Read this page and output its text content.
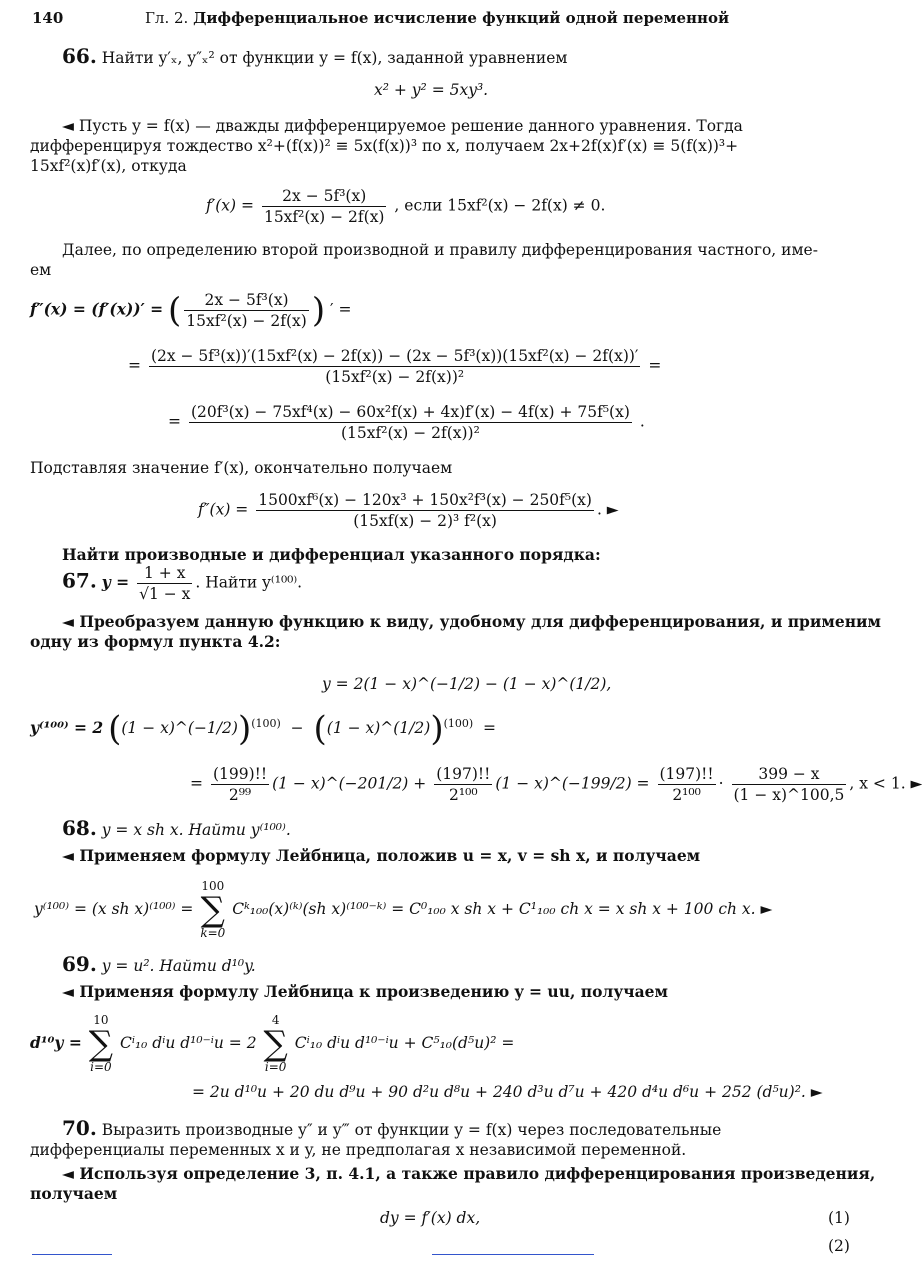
140	Гл. 2. Дифференциальное исчисление функций одной переменной
66. Найти y′ₓ, y″ₓ² от функции y = f(x), заданной уравнением
x² + y² = 5xy³.
◄ Пусть y = f(x) — дважды дифференцируемое решение данного уравнения. Тогда
дифференцируя тождество x²+(f(x))² ≡ 5x(f(x))³ по x, получаем 2x+2f(x)f′(x) ≡ 5(f(x))³+
15xf²(x)f′(x), откуда
$f'(x) = \frac{\text{2x − 5f³(x)}}{\text{15xf²(x) − 2f(x)}}$ , если 15xf²(x) − 2f(x) ≠ 0.
Далее, по определению второй производной и правилу дифференцирования частного, име-
ем
f″(x) = (f′(x))′ = ( $\frac{\text{2x − 5f³(x)}}{\text{15xf²(x) − 2f(x)}}$ ) ′ =
=
(2x − 5f³(x))′(15xf²(x) − 2f(x)) − (2x − 5f³(x))(15xf²(x) − 2f(x))′
(15xf²(x) − 2f(x))²
=
= $\frac{\text{(20f³(x) − 75xf⁴(x) − 60x²f(x) + 4x)f′(x) − 4f(x) + 75f⁵(x)}}{\text{(15xf²(x) − 2f(x))²}}$ .
Подставляя значение f′(x), окончательно получаем
$f''(x) = \frac{\text{1500xf⁶(x) − 120x³ + 150x²f³(x) − 250f⁵(x)}}{\text{(15xf(x) − 2)³ f²(x)}}$ . ►
Найти производные и дифференциал указанного порядка:
67. $y = \frac{1 + x}{√1 - x}$ . Найти y⁽¹⁰⁰⁾.
◄ Преобразуем данную функцию к виду, удобному для дифференцирования, и применим
одну из формул пункта 4.2:
y = 2(1 − x)^(−1/2) − (1 − x)^(1/2),
y⁽¹⁰⁰⁾ = 2 ((1 − x)^(−1/2))$^{(100)}$  −  ((1 − x)^(1/2))$^{(100)}$  =
= $\frac{(199)!!}{\text{2⁹⁹}} (1$ − x)^(−201/2) + $\frac{(197)!!}{\text{2¹⁰⁰}} (1$ − x)^(−199/2) = $\frac{(197)!!}{\text{2¹⁰⁰}} \cdot \frac{399 - x}{(1 - x)\^{}100,5}$ , x < 1. ►
68. y = x sh x. Найти y⁽¹⁰⁰⁾.
◄ Применяем формулу Лейбница, положив u = x, v = sh x, и получаем
y⁽¹⁰⁰⁾ = (x sh x)⁽¹⁰⁰⁾ = 100
∑
k=0 Cᵏ₁₀₀(x)⁽ᵏ⁾(sh x)⁽¹⁰⁰⁻ᵏ⁾ = C⁰₁₀₀ x sh x + C¹₁₀₀ ch x = x sh x + 100 ch x. ►
69. y = u². Найти d¹⁰y.
◄ Применяя формулу Лейбница к произведению y = uu, получаем
d¹⁰y = 10
∑
i=0 Cⁱ₁₀ dⁱu d¹⁰⁻ⁱu = 2 4
∑
i=0 Cⁱ₁₀ dⁱu d¹⁰⁻ⁱu + C⁵₁₀(d⁵u)² =
= 2u d¹⁰u + 20 du d⁹u + 90 d²u d⁸u + 240 d³u d⁷u + 420 d⁴u d⁶u + 252 (d⁵u)². ►
70. Выразить производные y″ и y‴ от функции y = f(x) через последовательные
дифференциалы переменных x и y, не предполагая x независимой переменной.
◄ Используя определение 3, п. 4.1, а также правило дифференцирования произведения,
получаем
dy = f′(x) dx,	(1)
(2)
